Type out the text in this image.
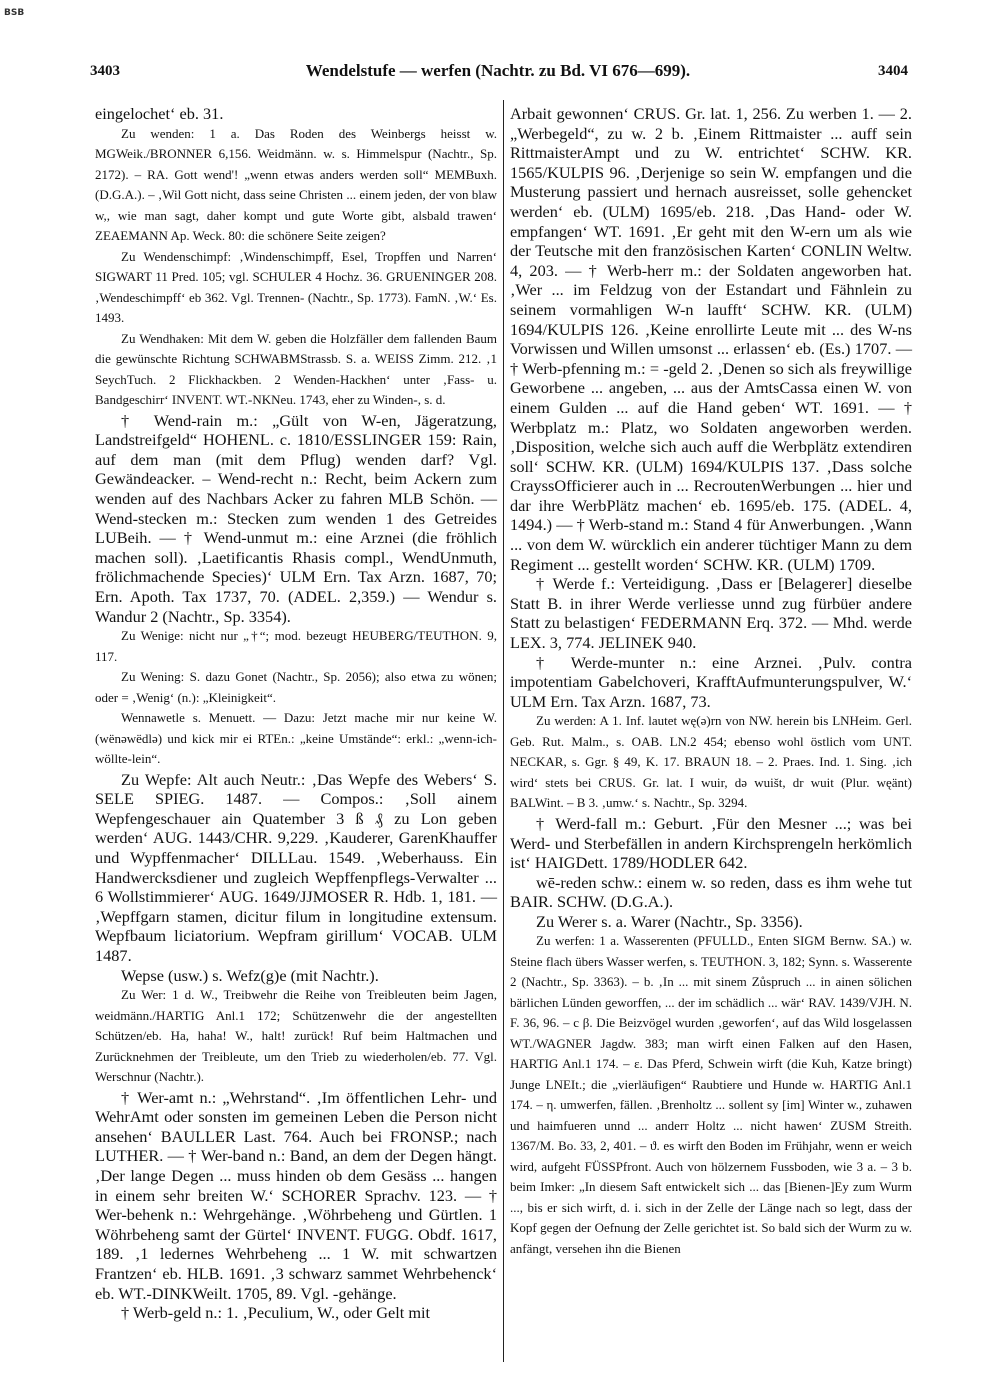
BSB
3403	Wendelstufe — werfen (Nachtr. zu Bd. VI 676—699).	3404

eingelochet‘ eb. 31.

Zu wenden: 1 a. Das Roden des Weinbergs heisst w. MGWeik./BRONNER 6,156. Weidmänn. w. s. Himmelspur (Nachtr., Sp. 2172). – RA. Gott wend'! „wenn etwas anders werden soll“ MEMBuxh. (D.G.A.). – ‚Wil Gott nicht, dass seine Christen ... einem jeden, der von blaw w,, wie man sagt, daher kompt und gute Worte gibt, alsbald trawen‘ ZEAEMANN Ap. Weck. 80: die schönere Seite zeigen?

Zu Wendenschimpf: ‚Windenschimpff, Esel, Tropffen und Narren‘ SIGWART 11 Pred. 105; vgl. SCHULER 4 Hochz. 36. GRUENINGER 208. ‚Wendeschimpff‘ eb 362. Vgl. Trennen- (Nachtr., Sp. 1773). FamN. ‚W.‘ Es. 1493.

Zu Wendhaken: Mit dem W. geben die Holzfäller dem fallenden Baum die gewünschte Richtung SCHWABMStrassb. S. a. WEISS Zimm. 212. ‚1 SeychTuch. 2 Flickhackben. 2 Wenden-Hackhen‘ unter ‚Fass- u. Bandgeschirr‘ INVENT. WT.-NKNeu. 1743, eher zu Winden-, s. d.

† Wend-rain m.: „Gült von W-en, Jägeratzung, Landstreifgeld“ HOHENL. c. 1810/ESSLINGER 159: Rain, auf dem man (mit dem Pflug) wenden darf? Vgl. Gewändeacker. – Wend-recht n.: Recht, beim Ackern zum wenden auf des Nachbars Acker zu fahren MLB Schön. — Wend-stecken m.: Stecken zum wenden 1 des Getreides LUBeih. — † Wend-unmut m.: eine Arznei (die fröhlich machen soll). ‚Laetificantis Rhasis compl., WendUnmuth, frölichmachende Species)‘ ULM Ern. Tax Arzn. 1687, 70; Ern. Apoth. Tax 1737, 70. (ADEL. 2,359.) — Wendur s. Wandur 2 (Nachtr., Sp. 3354).

Zu Wenige: nicht nur „†“; mod. bezeugt HEUBERG/TEUTHON. 9, 117.

Zu Wening: S. dazu Gonet (Nachtr., Sp. 2056); also etwa zu wönen; oder = ‚Wenig‘ (n.): „Kleinigkeit“.

Wennawetle s. Menuett. — Dazu: Jetzt mache mir nur keine W. (wënəwëdlə) und kick mir ei RTEn.: „keine Umstände“: erkl.: „wenn-ich-wöllte-lein“.

Zu Wepfe: Alt auch Neutr.: ‚Das Wepfe des Webers‘ S. SELE SPIEG. 1487. — Compos.: ‚Soll ainem Wepfengeschauer ain Quatember 3 ß ₰ zu Lon geben werden‘ AUG. 1443/CHR. 9,229. ‚Kauderer, GarenKhauffer und Wypffenmacher‘ DILLLau. 1549. ‚Weberhauss. Ein Handwercksdiener und zugleich Wepffenpflegs-Verwalter ... 6 Wollstimmierer‘ AUG. 1649/JJMOSER R. Hdb. 1, 181. — ‚Wepffgarn stamen, dicitur filum in longitudine extensum. Wepfbaum liciatorium. Wepfram girillum‘ VOCAB. ULM 1487.

Wepse (usw.) s. Wefz(g)e (mit Nachtr.).

Zu Wer: 1 d. W., Treibwehr die Reihe von Treibleuten beim Jagen, weidmänn./HARTIG Anl.1 172; Schützenwehr die der angestellten Schützen/eb. Ha, haha! W., halt! zurück! Ruf beim Haltmachen und Zurücknehmen der Treibleute, um den Trieb zu wiederholen/eb. 77. Vgl. Werschnur (Nachtr.).

† Wer-amt n.: „Wehrstand“. ‚Im öffentlichen Lehr- und WehrAmt oder sonsten im gemeinen Leben die Person nicht ansehen‘ BAULLER Last. 764. Auch bei FRONSP.; nach LUTHER. — † Wer-band n.: Band, an dem der Degen hängt. ‚Der lange Degen ... muss hinden ob dem Gesäss ... hangen in einem sehr breiten W.‘ SCHORER Sprachv. 123. — † Wer-behenk n.: Wehrgehänge. ‚Wöhrbeheng und Gürtlen. 1 Wöhrbeheng samt der Gürtel‘ INVENT. FUGG. Obdf. 1617, 189. ‚1 ledernes Wehrbeheng ... 1 W. mit schwartzen Frantzen‘ eb. HLB. 1691. ‚3 schwarz sammet Wehrbehenck‘ eb. WT.-DINKWeilt. 1705, 89. Vgl. -gehänge.

† Werb-geld n.: 1. ‚Peculium, W., oder Gelt mit

Arbait gewonnen‘ CRUS. Gr. lat. 1, 256. Zu werben 1. — 2. „Werbegeld“, zu w. 2 b. ‚Einem Rittmaister ... auff sein RittmaisterAmpt und zu W. entrichtet‘ SCHW. KR. 1565/KULPIS 96. ‚Derjenige so sein W. empfangen und die Musterung passiert und hernach ausreisset, solle gehencket werden‘ eb. (ULM) 1695/eb. 218. ‚Das Hand- oder W. empfangen‘ WT. 1691. ‚Er geht mit den W-ern um als wie der Teutsche mit den französischen Karten‘ CONLIN Weltw. 4, 203. — † Werb-herr m.: der Soldaten angeworben hat. ‚Wer ... im Feldzug von der Estandart und Fähnlein zu seinem vormahligen W-n laufft‘ SCHW. KR. (ULM) 1694/KULPIS 126. ‚Keine enrollirte Leute mit ... des W-ns Vorwissen und Willen umsonst ... erlassen‘ eb. (Es.) 1707. — † Werb-pfenning m.: = -geld 2. ‚Denen so sich als freywillige Geworbene ... angeben, ... aus der AmtsCassa einen W. von einem Gulden ... auf die Hand geben‘ WT. 1691. — † Werbplatz m.: Platz, wo Soldaten angeworben werden. ‚Disposition, welche sich auch auff die Werbplätz extendiren soll‘ SCHW. KR. (ULM) 1694/KULPIS 137. ‚Dass solche CrayssOfficierer auch in ... RecroutenWerbungen ... hier und dar ihre WerbPlätz machen‘ eb. 1695/eb. 175. (ADEL. 4, 1494.) — † Werb-stand m.: Stand 4 für Anwerbungen. ‚Wann ... von dem W. würcklich ein anderer tüchtiger Mann zu dem Regiment ... gestellt worden‘ SCHW. KR. (ULM) 1709.

† Werde f.: Verteidigung. ‚Dass er [Belagerer] dieselbe Statt B. in ihrer Werde verliesse unnd zug fürbüer andere Statt zu belastigen‘ FEDERMANN Erq. 372. — Mhd. werde LEX. 3, 774. JELINEK 940.

† Werde-munter n.: eine Arznei. ‚Pulv. contra impotentiam Gabelchoveri, KrafftAufmunterungspulver, W.‘ ULM Ern. Tax Arzn. 1687, 73.

Zu werden: A 1. Inf. lautet wę(ə)rn von NW. herein bis LNHeim. Gerl. Geb. Rut. Malm., s. OAB. LN.2 454; ebenso wohl östlich vom UNT. NECKAR, s. Ggr. § 49, K. 17. BRAUN 18. – 2. Praes. Ind. 1. Sing. ‚ich wird‘ stets bei CRUS. Gr. lat. I wuir, də wuišt, dr wuit (Plur. węänt) BALWint. – B 3. ‚umw.‘ s. Nachtr., Sp. 3294.

† Werd-fall m.: Geburt. ‚Für den Mesner ...; was bei Werd- und Sterbefällen in andern Kirchsprengeln herkömlich ist‘ HAIGDett. 1789/HODLER 642.

wē-reden schw.: einem w. so reden, dass es ihm wehe tut BAIR. SCHW. (D.G.A.).

Zu Werer s. a. Warer (Nachtr., Sp. 3356).

Zu werfen: 1 a. Wasserenten (PFULLD., Enten SIGM Bernw. SA.) w. Steine flach übers Wasser werfen, s. TEUTHON. 3, 182; Synn. s. Wasserente 2 (Nachtr., Sp. 3363). – b. ‚In ... mit sinem Zůspruch ... in ainen sölichen bärlichen Lünden geworffen, ... der im schädlich ... wär‘ RAV. 1439/VJH. N. F. 36, 96. – c β. Die Beizvögel wurden ‚geworfen‘, auf das Wild losgelassen WT./WAGNER Jagdw. 383; man wirft einen Falken auf den Hasen, HARTIG Anl.1 174. – ε. Das Pferd, Schwein wirft (die Kuh, Katze bringt) Junge LNEIt.; die „vierläufigen“ Raubtiere und Hunde w. HARTIG Anl.1 174. – η. umwerfen, fällen. ‚Brenholtz ... sollent sy [im] Winter w., zuhawen und haimfueren unnd ... anderr Holtz ... nicht hawen‘ ZUSM Streith. 1367/M. Bo. 33, 2, 401. – ϑ. es wirft den Boden im Frühjahr, wenn er weich wird, aufgeht FÜSSPfront. Auch von hölzernem Fussboden, wie 3 a. – 3 b. beim Imker: „In diesem Saft entwickelt sich ... das [Bienen-]Ey zum Wurm ..., bis er sich wirft, d. i. sich in der Zelle der Länge nach so legt, dass der Kopf gegen der Oefnung der Zelle gerichtet ist. So bald sich der Wurm zu w. anfängt, versehen ihn die Bienen
